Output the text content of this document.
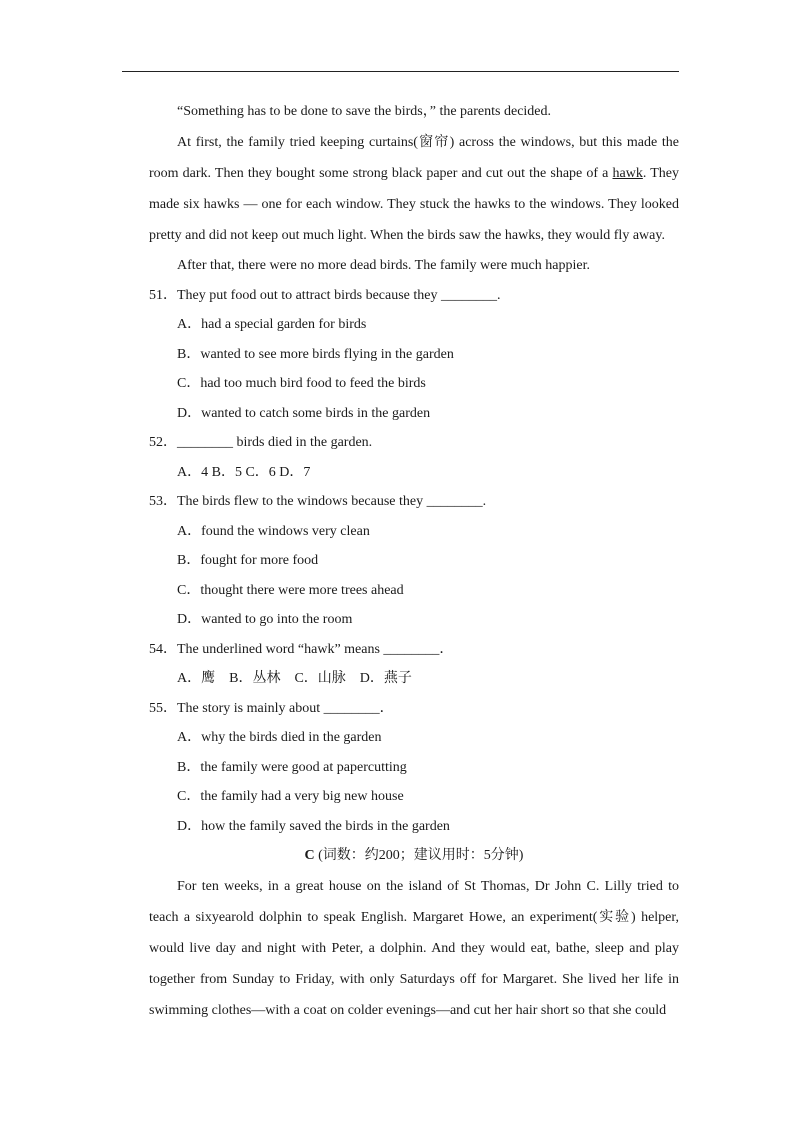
“Something has to be done to save the birds，” the parents decided.

At first, the family tried keeping curtains(窗帘) across the windows, but this made the room dark. Then they bought some strong black paper and cut out the shape of a hawk. They made six hawks — one for each window. They stuck the hawks to the windows. They looked pretty and did not keep out much light. When the birds saw the hawks, they would fly away.

After that, there were no more dead birds. The family were much happier.

51．They put food out to attract birds because they ________.

A．had a special garden for birds

B．wanted to see more birds flying in the garden

C．had too much bird food to feed the birds

D．wanted to catch some birds in the garden

52．________ birds died in the garden.

A．4 B．5 C．6 D．7

53．The birds flew to the windows because they ________.

A．found the windows very clean

B．fought for more food

C．thought there were more trees ahead

D．wanted to go into the room

54．The underlined word “hawk” means ________．

A．鹰　B．丛林　C．山脉　D．燕子

55．The story is mainly about ________．

A．why the birds died in the garden

B．the family were good at papercutting

C．the family had a very big new house

D．how the family saved the birds in the garden

C (词数：约200；建议用时：5分钟)

For ten weeks, in a great house on the island of St Thomas, Dr John C. Lilly tried to teach a sixyearold dolphin to speak English. Margaret Howe, an experiment(实验) helper, would live day and night with Peter, a dolphin. And they would eat, bathe, sleep and play together from Sunday to Friday, with only Saturdays off for Margaret. She lived her life in swimming clothes—with a coat on colder evenings—and cut her hair short so that she could
